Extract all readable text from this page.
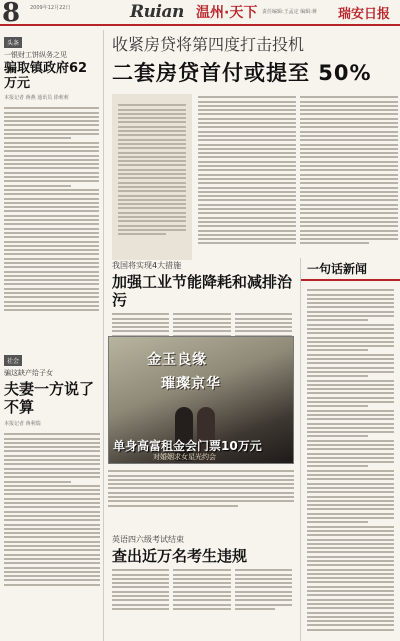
8 2009年12月22日	Ruian 温州·天下 责任编辑:王孟定 编辑:蒋 瑞安日报
头条
一银财工饼纵务之见
骗取镇政府62万元
本报记者 蒋燕 通讯员 徐莉莉
社会
骗这缺产给子女
夫妻一方说了不算
本报记者 蒋利瑞
收紧房贷将第四度打击投机
二套房贷首付或提至 50%
我国将实现4大措施
加强工业节能降耗和减排治污
金玉良缘
璀璨京华
单身高富租金会门票10万元
对婚姻求女星光约会
英语四六级考试结束
查出近万名考生违规
一句话新闻
